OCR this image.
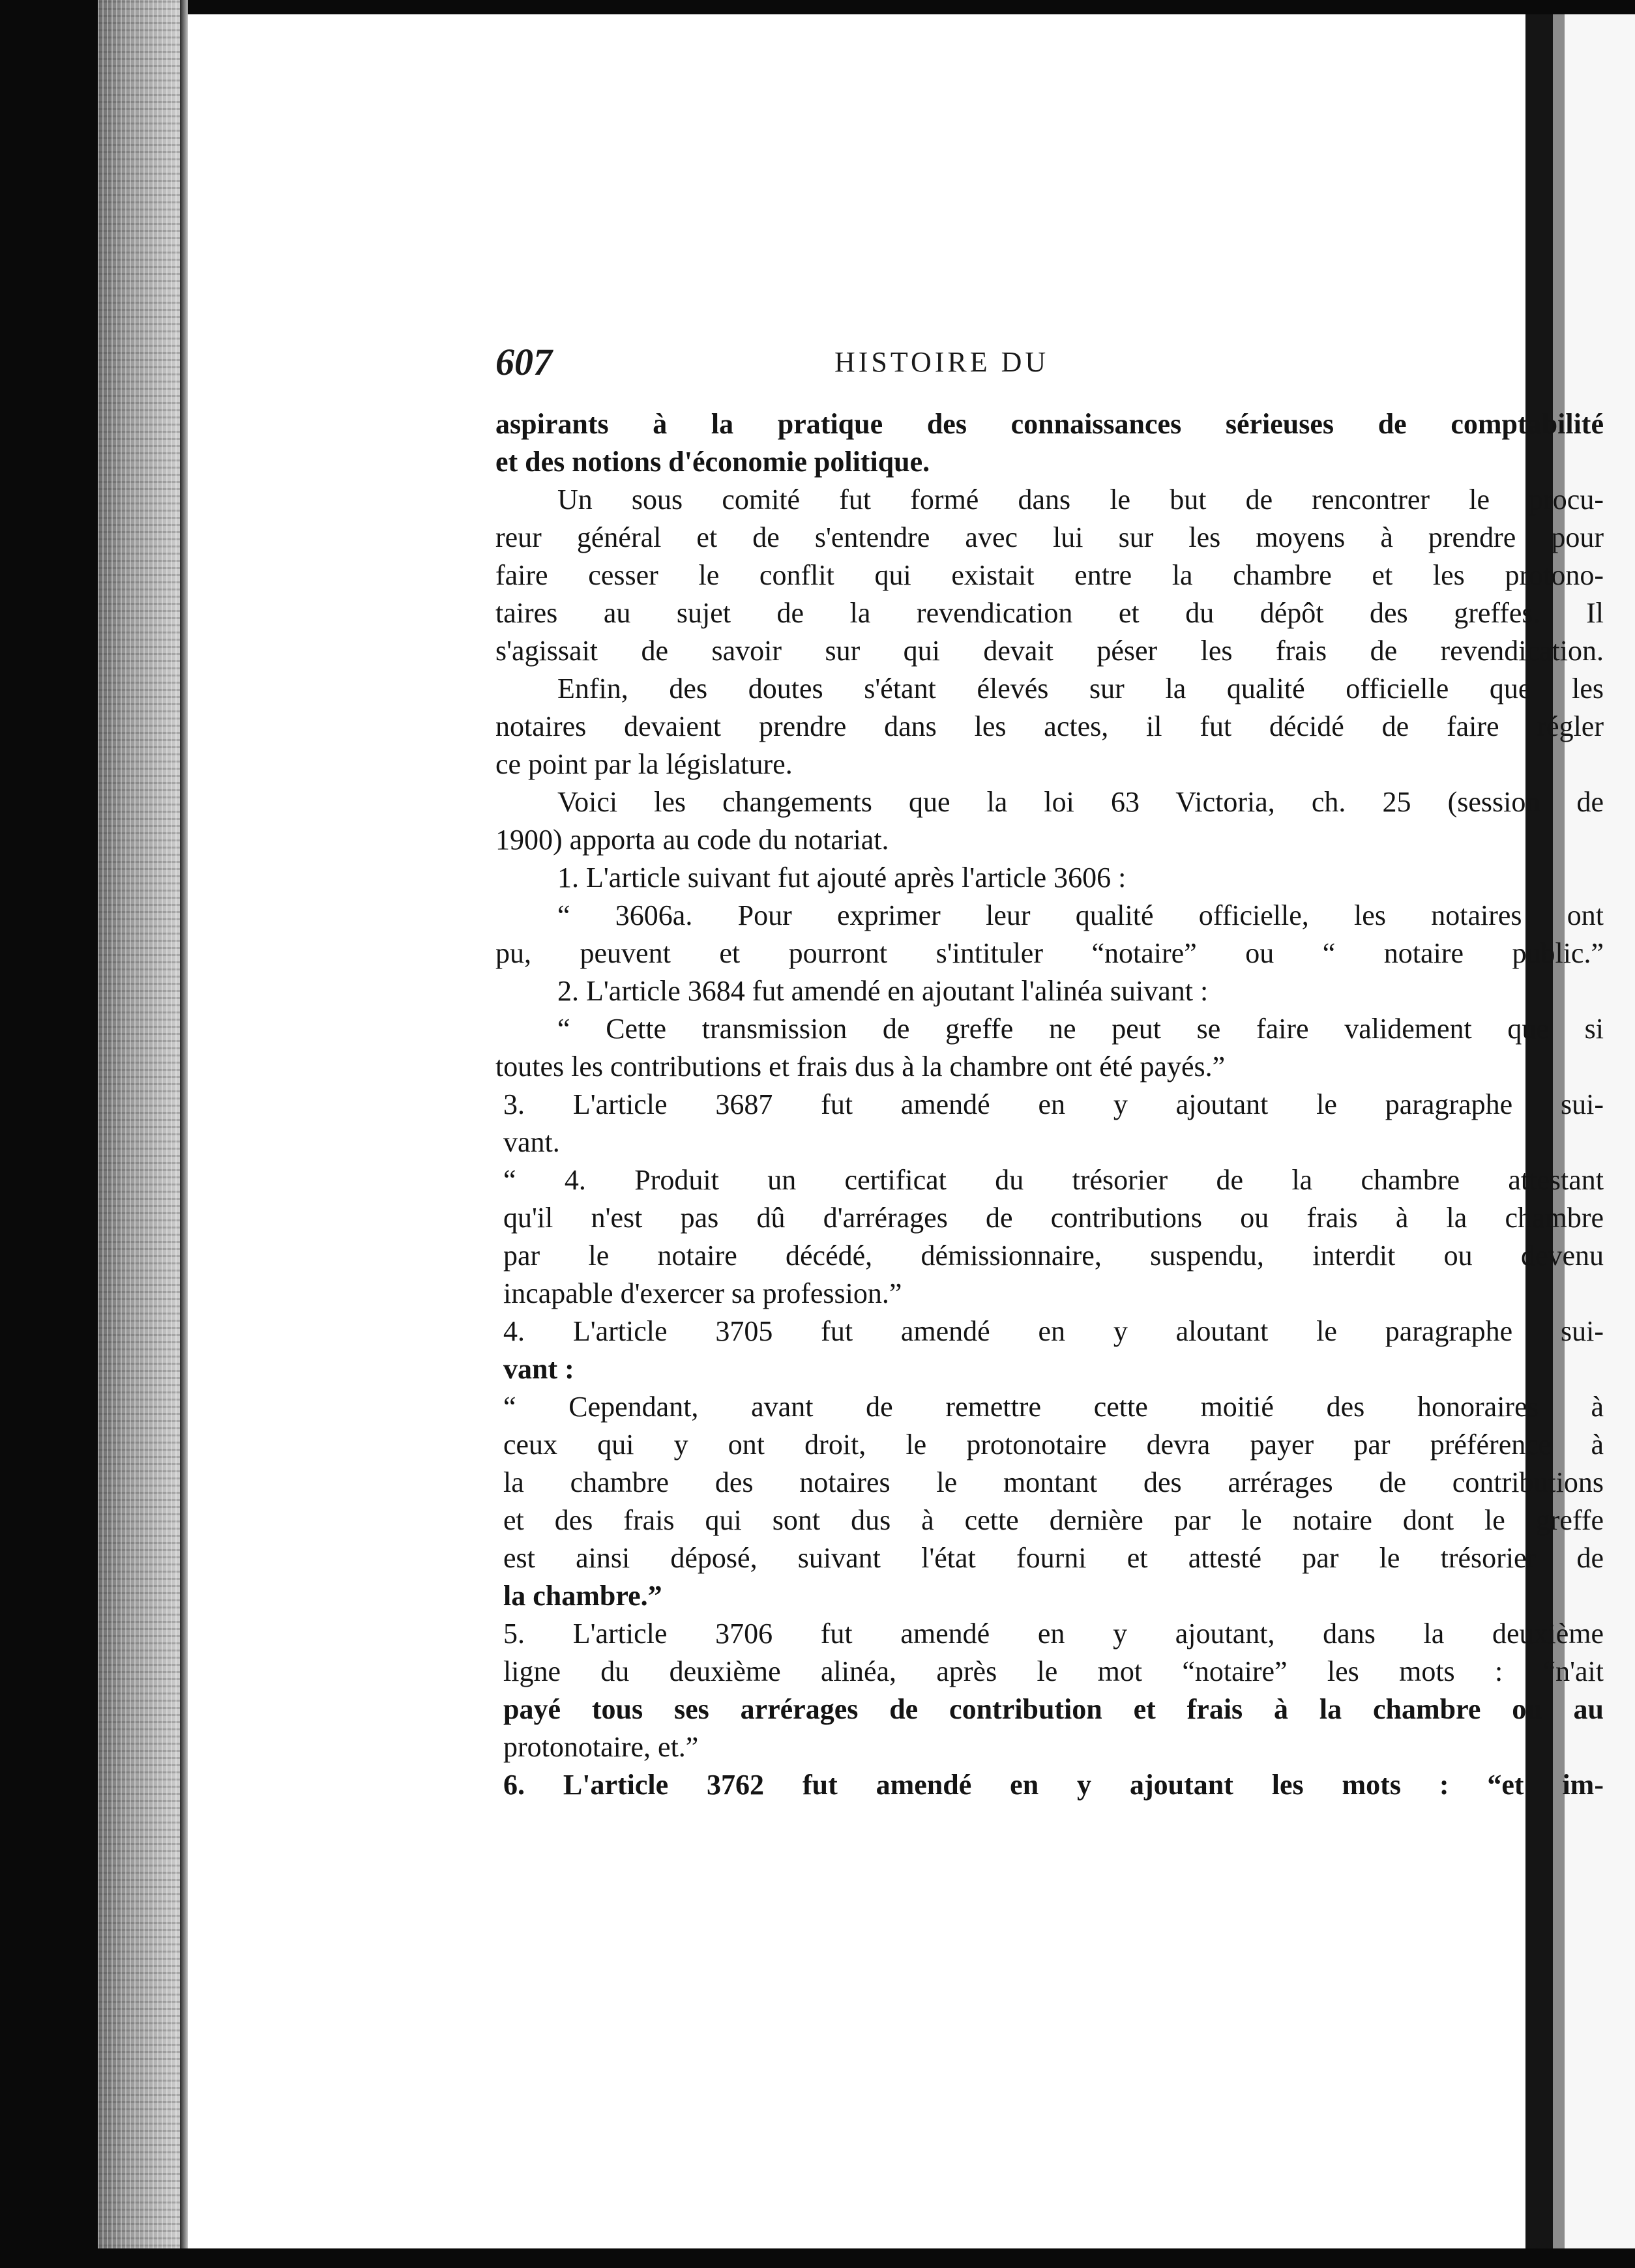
607	HISTOIRE DU
aspirants à la pratique des connaissances sérieuses de comptabilité
et des notions d'économie politique.
Un sous comité fut formé dans le but de rencontrer le procu-
reur général et de s'entendre avec lui sur les moyens à prendre pour
faire cesser le conflit qui existait entre la chambre et les protono-
taires au sujet de la revendication et du dépôt des greffes. Il
s'agissait de savoir sur qui devait péser les frais de revendication.
Enfin, des doutes s'étant élevés sur la qualité officielle que les
notaires devaient prendre dans les actes, il fut décidé de faire régler
ce point par la législature.
Voici les changements que la loi 63 Victoria, ch. 25 (session de
1900) apporta au code du notariat.
1. L'article suivant fut ajouté après l'article 3606 :
“ 3606a. Pour exprimer leur qualité officielle, les notaires ont
pu, peuvent et pourront s'intituler “notaire” ou “ notaire public.”
2. L'article 3684 fut amendé en ajoutant l'alinéa suivant :
“ Cette transmission de greffe ne peut se faire validement que si
toutes les contributions et frais dus à la chambre ont été payés.”
3. L'article 3687 fut amendé en y ajoutant le paragraphe sui-
vant.
“ 4. Produit un certificat du trésorier de la chambre attestant
qu'il n'est pas dû d'arrérages de contributions ou frais à la chambre
par le notaire décédé, démissionnaire, suspendu, interdit ou devenu
incapable d'exercer sa profession.”
4. L'article 3705 fut amendé en y aloutant le paragraphe sui-
vant :
“ Cependant, avant de remettre cette moitié des honoraires à
ceux qui y ont droit, le protonotaire devra payer par préférence à
la chambre des notaires le montant des arrérages de contributions
et des frais qui sont dus à cette dernière par le notaire dont le greffe
est ainsi déposé, suivant l'état fourni et attesté par le trésorier de
la chambre.”
5. L'article 3706 fut amendé en y ajoutant, dans la deuxième
ligne du deuxième alinéa, après le mot “notaire” les mots : “n'ait
payé tous ses arrérages de contribution et frais à la chambre ou au
protonotaire, et.”
6. L'article 3762 fut amendé en y ajoutant les mots : “et im-
